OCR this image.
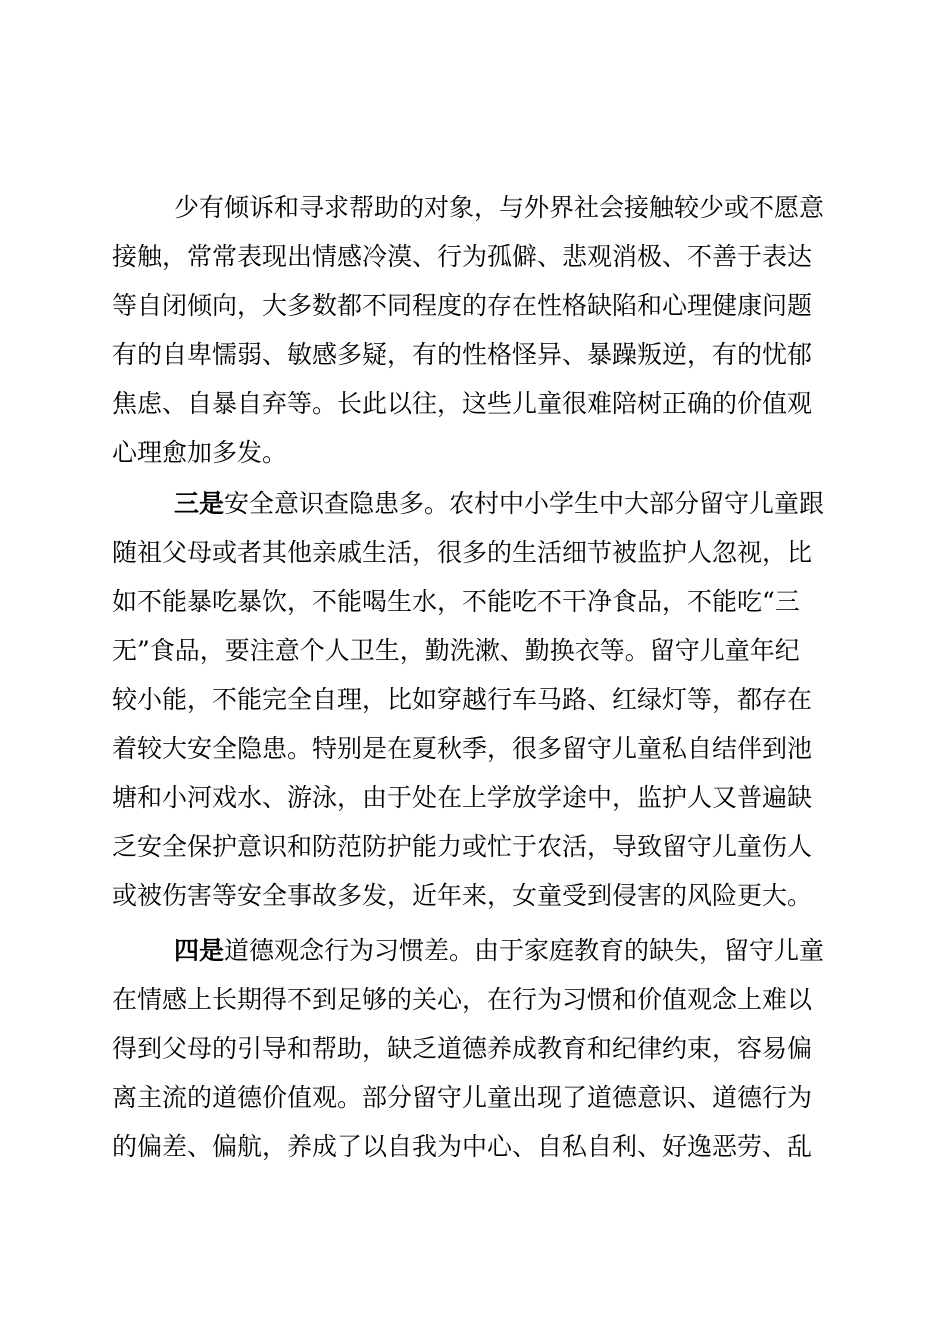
少有倾诉和寻求帮助的对象，与外界社会接触较少或不愿意
接触，常常表现出情感冷漠、行为孤僻、悲观消极、不善于表达
等自闭倾向，大多数都不同程度的存在性格缺陷和心理健康问题
有的自卑懦弱、敏感多疑，有的性格怪异、暴躁叛逆，有的忧郁
焦虑、自暴自弃等。长此以往，这些儿童很难陪树正确的价值观
心理愈加多发。
三是安全意识查隐患多。农村中小学生中大部分留守儿童跟
随祖父母或者其他亲戚生活，很多的生活细节被监护人忽视，比
如不能暴吃暴饮，不能喝生水，不能吃不干净食品，不能吃“三
无”食品，要注意个人卫生，勤洗漱、勤换衣等。留守儿童年纪
较小能，不能完全自理，比如穿越行车马路、红绿灯等，都存在
着较大安全隐患。特别是在夏秋季，很多留守儿童私自结伴到池
塘和小河戏水、游泳，由于处在上学放学途中，监护人又普遍缺
乏安全保护意识和防范防护能力或忙于农活，导致留守儿童伤人
或被伤害等安全事故多发，近年来，女童受到侵害的风险更大。
四是道德观念行为习惯差。由于家庭教育的缺失，留守儿童
在情感上长期得不到足够的关心，在行为习惯和价值观念上难以
得到父母的引导和帮助，缺乏道德养成教育和纪律约束，容易偏
离主流的道德价值观。部分留守儿童出现了道德意识、道德行为
的偏差、偏航，养成了以自我为中心、自私自利、好逸恶劳、乱
